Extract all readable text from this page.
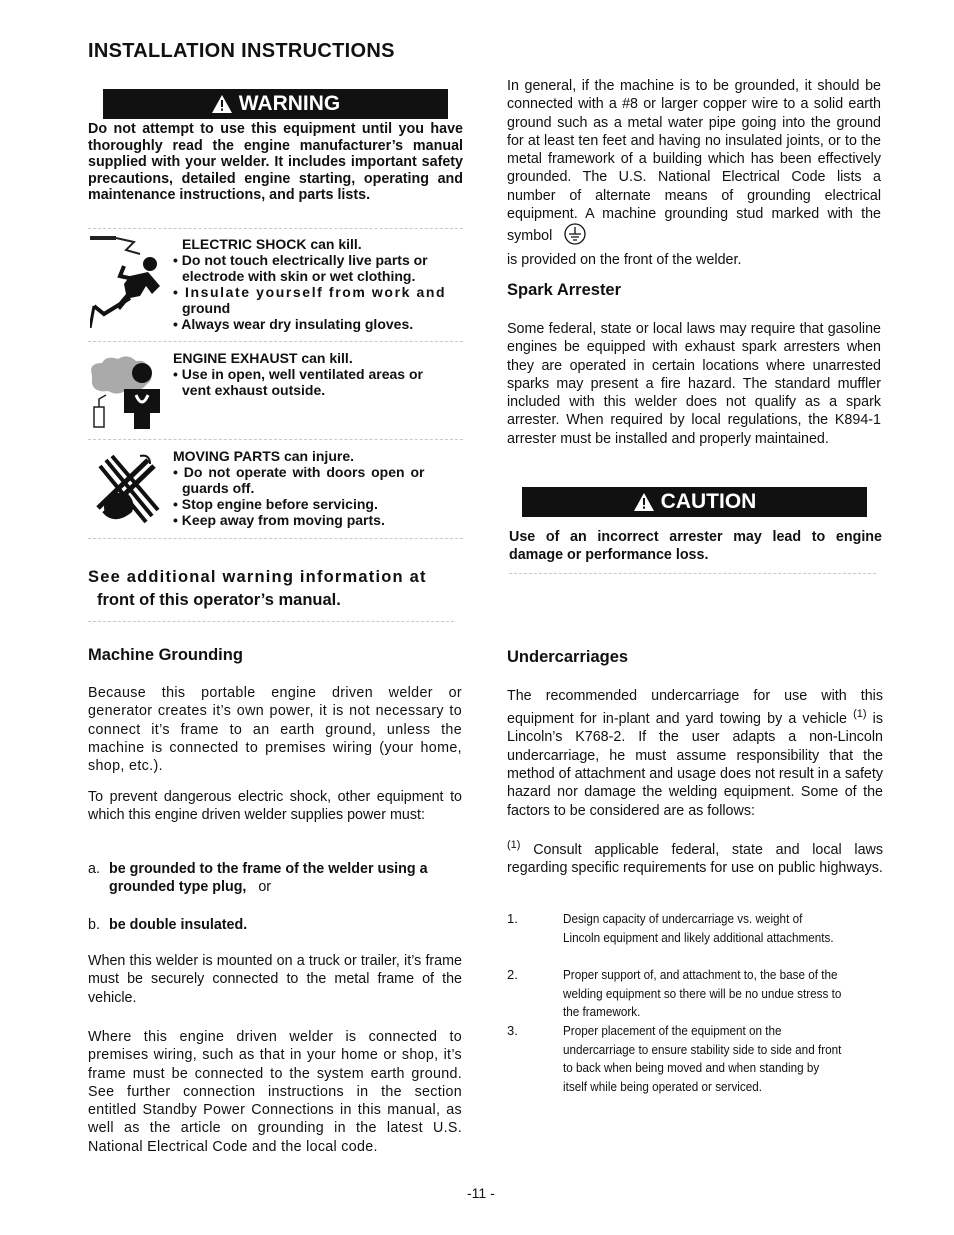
INSTALLATION INSTRUCTIONS
WARNING
Do not attempt to use this equipment until you have thoroughly read the engine manufacturer’s manual supplied with your welder. It includes important safety precautions, detailed engine starting, operating and maintenance instructions, and parts lists.
ELECTRIC SHOCK can kill.
• Do not touch electrically live parts or
electrode with skin or wet clothing.
• Insulate yourself from work and
ground
• Always wear dry insulating gloves.
ENGINE EXHAUST can kill.
• Use in open, well ventilated areas or
vent exhaust outside.
MOVING PARTS can injure.
• Do not operate with doors open or
guards off.
• Stop engine before servicing.
• Keep away from moving parts.
See additional warning information at
front of this operator’s manual.
Machine Grounding
Because this portable engine driven welder or generator creates it’s own power, it is not necessary to connect it’s frame to an earth ground, unless the machine is connected to premises wiring (your home, shop, etc.).
To prevent dangerous electric shock, other equipment to which this engine driven welder supplies power must:
a. be grounded to the frame of the welder using a
grounded type plug, or
b. be double insulated.
When this welder is mounted on a truck or trailer, it’s frame must be securely connected to the metal frame of the vehicle.
Where this engine driven welder is connected to premises wiring, such as that in your home or shop, it’s frame must be connected to the system earth ground. See further connection instructions in the section entitled Standby Power Connections in this manual, as well as the article on grounding in the latest U.S. National Electrical Code and the local code.
In general, if the machine is to be grounded, it should be connected with a #8 or larger copper wire to a solid earth ground such as a metal water pipe going into the ground for at least ten feet and having no insulated joints, or to the metal framework of a building which has been effectively grounded. The U.S. National Electrical Code lists a number of alternate means of grounding electrical equipment. A machine grounding stud marked with the symbol
is provided on the front of the welder.
Spark Arrester
Some federal, state or local laws may require that gasoline engines be equipped with exhaust spark arresters when they are operated in certain locations where unarrested sparks may present a fire hazard. The standard muffler included with this welder does not qualify as a spark arrester. When required by local regulations, the K894-1 arrester must be installed and properly maintained.
CAUTION
Use of an incorrect arrester may lead to engine damage or performance loss.
Undercarriages
The recommended undercarriage for use with this equipment for in-plant and yard towing by a vehicle $^{(1)}$ is Lincoln’s K768-2. If the user adapts a non-Lincoln undercarriage, he must assume responsibility that the method of attachment and usage does not result in a safety hazard nor damage the welding equipment. Some of the factors to be considered are as follows:
$^{(1)}$ Consult applicable federal, state and local laws regarding specific requirements for use on public highways.
1.	Design capacity of undercarriage vs. weight of Lincoln equipment and likely additional attachments.
2.	Proper support of, and attachment to, the base of the welding equipment so there will be no undue stress to the framework.
3.	Proper placement of the equipment on the undercarriage to ensure stability side to side and front to back when being moved and when standing by itself while being operated or serviced.
-11 -
